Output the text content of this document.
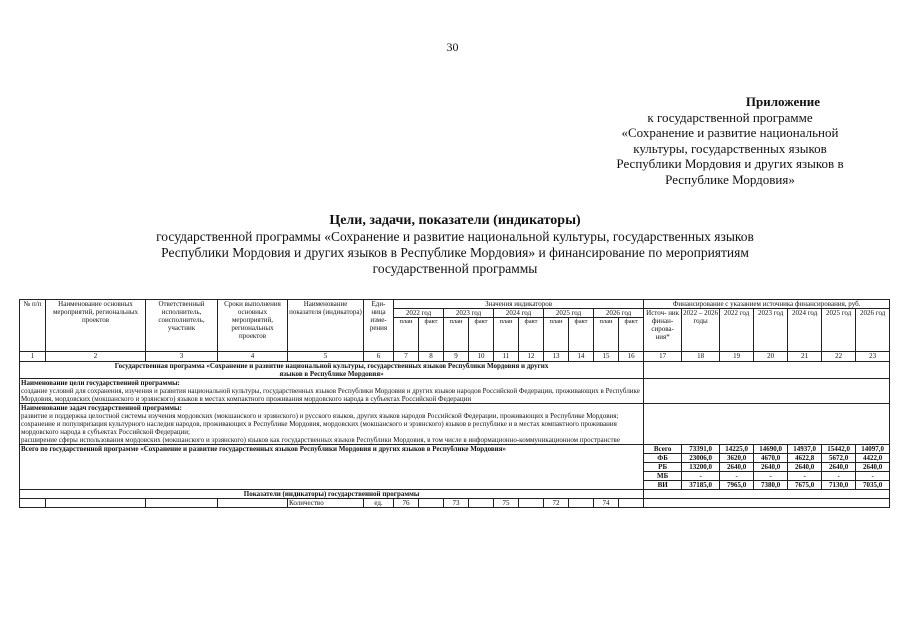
30
Приложение
к государственной программе
«Сохранение и развитие национальной
культуры, государственных языков
Республики Мордовия и других языков в
Республике Мордовия»
Цели, задачи, показатели (индикаторы)
государственной программы «Сохранение и развитие национальной культуры, государственных языков
Республики Мордовия и других языков в Республике Мордовия» и финансирование по мероприятиям
государственной программы
№ п/п	Наименование основных мероприятий, региональных проектов	Ответственный исполнитель, соисполнитель, участник	Сроки выполнения основных мероприятий, региональных проектов	Наименование показателя (индикатора)	Еди- ница изме- рения	Значения индикаторов										Финансирование с указанием источника финансирования, руб.						
						2022 год		2023 год		2024 год		2025 год		2026 год		Источ- ник финан- сирова- ния*	2022 – 2026 годы	2022 год	2023 год	2024 год	2025 год	2026 год
						план	факт	план	факт	план	факт	план	факт	план	факт							
1	2	3	4	5	6	7	8	9	10	11	12	13	14	15	16	17	18	19	20	21	22	23
Государственная программа «Сохранение и развитие национальной культуры, государственных языков Республики Мордовия и других языков в Республике Мордовия»																						
Наименование цели государственной программы:
создание условий для сохранения, изучения и развития национальной культуры, государственных языков Республики Мордовия и других языков народов Российской Федерации, проживающих в Республике Мордовия, мордовских (мокшанского и эрзянского) языков в местах компактного проживания мордовского народа в субъектах Российской Федерации																						
Наименование задач государственной программы:
развитие и поддержка целостной системы изучения мордовских (мокшанского и эрзянского) и русского языков, других языков народов Российской Федерации, проживающих в Республике Мордовия;
сохранение и популяризация культурного наследия народов, проживающих в Республике Мордовия, мордовских (мокшанского и эрзянского) языков в республике и в местах компактного проживания мордовского народа в субъектах Российской Федерации;
расширение сферы использования мордовских (мокшанского и эрзянского) языков как государственных языков Республики Мордовия, в том числе в информационно-коммуникационном пространстве																						
Всего по государственной программе «Сохранение и развитие государственных языков Республики Мордовия и других языков в Республике Мордовия»																Всего	73391,0	14225,0	14690,0	14937,0	15442,0	14097,0
																ФБ	23006,0	3620,0	4670,0	4622,8	5672,0	4422,0
																РБ	13200,0	2640,0	2640,0	2640,0	2640,0	2640,0
																МБ	-	-	-	-	-	-
																ВИ	37185,0	7965,0	7380,0	7675,0	7130,0	7035,0
Показатели (индикаторы) государственной программы																						
				Количество	ед.	76		73		75		72		74								
